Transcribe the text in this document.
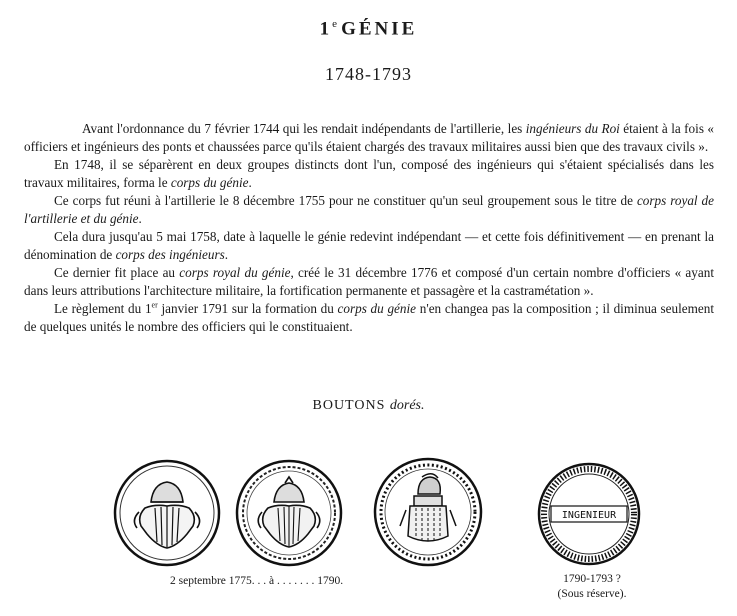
1e GÉNIE
1748-1793

Avant l'ordonnance du 7 février 1744 qui les rendait indépendants de l'artillerie, les ingénieurs du Roi étaient à la fois « officiers et ingénieurs des ponts et chaussées parce qu'ils étaient chargés des travaux militaires aussi bien que des travaux civils ».

En 1748, il se séparèrent en deux groupes distincts dont l'un, composé des ingénieurs qui s'étaient spécialisés dans les travaux militaires, forma le corps du génie.

Ce corps fut réuni à l'artillerie le 8 décembre 1755 pour ne constituer qu'un seul groupement sous le titre de corps royal de l'artillerie et du génie.

Cela dura jusqu'au 5 mai 1758, date à laquelle le génie redevint indépendant — et cette fois définitivement — en prenant la dénomination de corps des ingénieurs.

Ce dernier fit place au corps royal du génie, créé le 31 décembre 1776 et composé d'un certain nombre d'officiers « ayant dans leurs attributions l'architecture militaire, la fortification permanente et passagère et la castramétation ».

Le règlement du 1er janvier 1791 sur la formation du corps du génie n'en changea pas la composition ; il diminua seulement de quelques unités le nombre des officiers qui le constituaient.

BOUTONS dorés.
INGENIEUR
2 septembre 1775. . . à . . . . . . . 1790.	1790-1793 ?
(Sous réserve).
